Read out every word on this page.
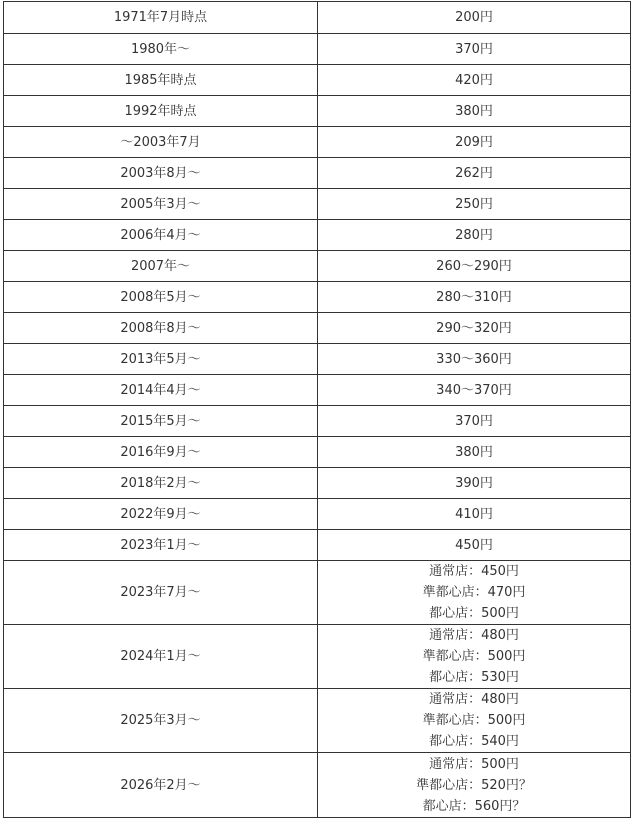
1971年7月時点	200円
1980年～	370円
1985年時点	420円
1992年時点	380円
～2003年7月	209円
2003年8月～	262円
2005年3月～	250円
2006年4月～	280円
2007年～	260～290円
2008年5月～	280～310円
2008年8月～	290～320円
2013年5月～	330～360円
2014年4月～	340～370円
2015年5月～	370円
2016年9月～	380円
2018年2月～	390円
2022年9月～	410円
2023年1月～	450円
2023年7月～	通常店：450円
準都心店：470円
都心店：500円

2024年1月～	通常店：480円
準都心店：500円
都心店：530円

2025年3月～	通常店：480円
準都心店：500円
都心店：540円

2026年2月～	通常店：500円
準都心店：520円？
都心店：560円？
